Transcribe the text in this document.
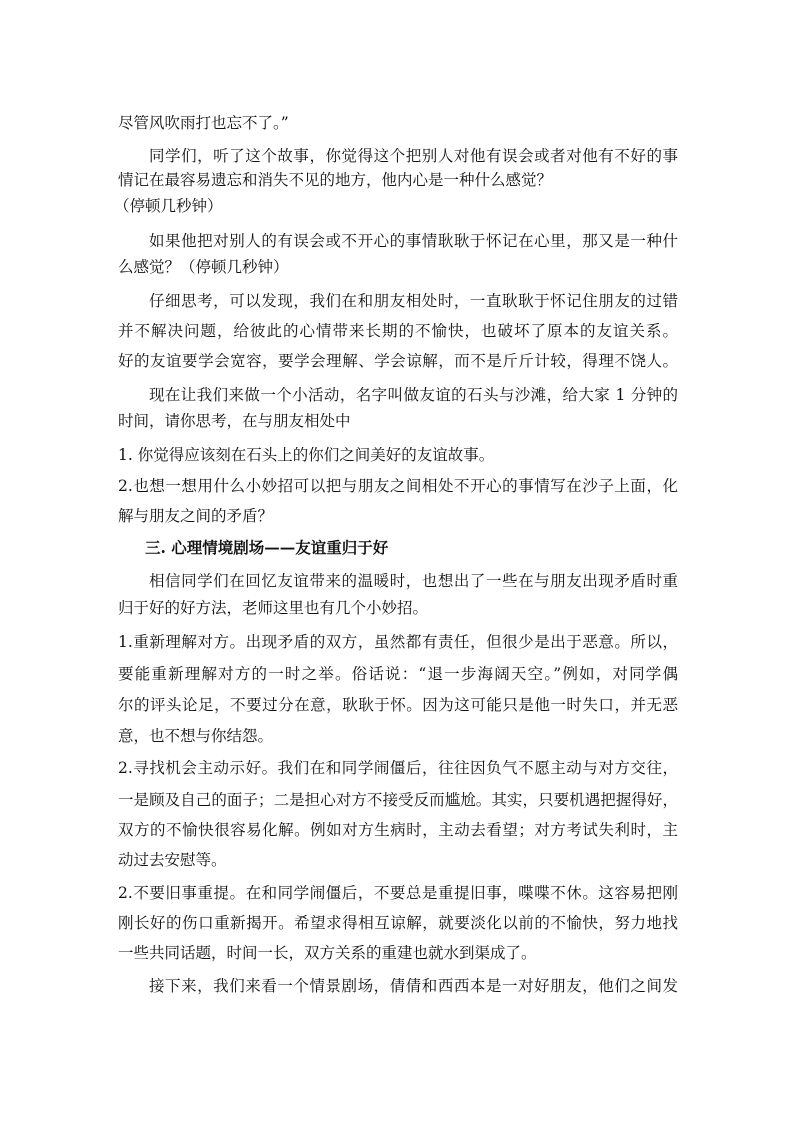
尽管风吹雨打也忘不了。”
同学们，听了这个故事，你觉得这个把别人对他有误会或者对他有不好的事
情记在最容易遗忘和消失不见的地方，他内心是一种什么感觉？
（停顿几秒钟）
如果他把对别人的有误会或不开心的事情耿耿于怀记在心里，那又是一种什
么感觉？（停顿几秒钟）
仔细思考，可以发现，我们在和朋友相处时，一直耿耿于怀记住朋友的过错
并不解决问题，给彼此的心情带来长期的不愉快，也破坏了原本的友谊关系。
好的友谊要学会宽容，要学会理解、学会谅解，而不是斤斤计较，得理不饶人。
现在让我们来做一个小活动，名字叫做友谊的石头与沙滩，给大家 1 分钟的
时间，请你思考，在与朋友相处中
1. 你觉得应该刻在石头上的你们之间美好的友谊故事。
2.也想一想用什么小妙招可以把与朋友之间相处不开心的事情写在沙子上面，化
解与朋友之间的矛盾？
三. 心理情境剧场——友谊重归于好
相信同学们在回忆友谊带来的温暖时，也想出了一些在与朋友出现矛盾时重
归于好的好方法，老师这里也有几个小妙招。
1.重新理解对方。出现矛盾的双方，虽然都有责任，但很少是出于恶意。所以，
要能重新理解对方的一时之举。俗话说：“退一步海阔天空。”例如，对同学偶
尔的评头论足，不要过分在意，耿耿于怀。因为这可能只是他一时失口，并无恶
意，也不想与你结怨。
2.寻找机会主动示好。我们在和同学闹僵后，往往因负气不愿主动与对方交往，
一是顾及自己的面子；二是担心对方不接受反而尴尬。其实，只要机遇把握得好，
双方的不愉快很容易化解。例如对方生病时，主动去看望；对方考试失利时，主
动过去安慰等。
2.不要旧事重提。在和同学闹僵后，不要总是重提旧事，喋喋不休。这容易把刚
刚长好的伤口重新揭开。希望求得相互谅解，就要淡化以前的不愉快，努力地找
一些共同话题，时间一长，双方关系的重建也就水到渠成了。
接下来，我们来看一个情景剧场，倩倩和西西本是一对好朋友，他们之间发
